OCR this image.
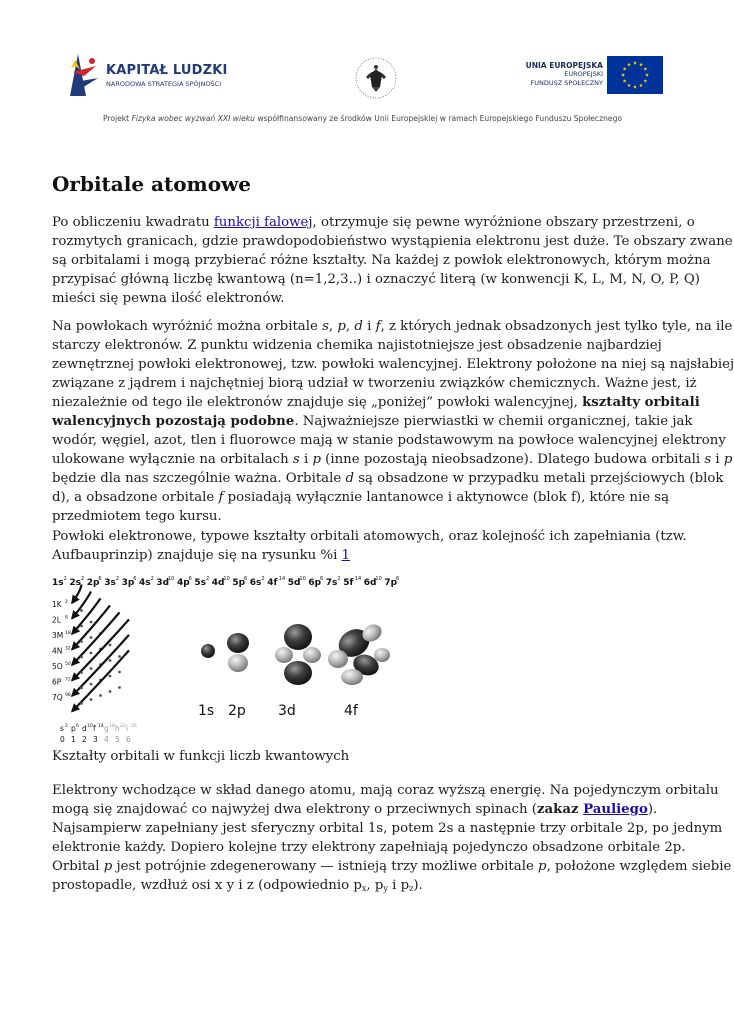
KAPITAŁ LUDZKI
NARODOWA STRATEGIA SPÓJNOŚCI
UNIA EUROPEJSKA
EUROPEJSKI
FUNDUSZ SPOŁECZNY
Projekt Fizyka wobec wyzwań XXI wieku współfinansowany ze środków Unii Europejskiej w ramach Europejskiego Funduszu Społecznego
Orbitale atomowe
Po obliczeniu kwadratu funkcji falowej, otrzymuje się pewne wyróżnione obszary przestrzeni, o
rozmytych granicach, gdzie prawdopodobieństwo wystąpienia elektronu jest duże. Te obszary zwane
są orbitalami i mogą przybierać różne kształty. Na każdej z powłok elektronowych, którym można
przypisać główną liczbę kwantową (n=1,2,3..) i oznaczyć literą (w konwencji K, L, M, N, O, P, Q)
mieści się pewna ilość elektronów.
Na powłokach wyróżnić można orbitale s, p, d i f, z których jednak obsadzonych jest tylko tyle, na ile
starczy elektronów. Z punktu widzenia chemika najistotniejsze jest obsadzenie najbardziej
zewnętrznej powłoki elektronowej, tzw. powłoki walencyjnej. Elektrony położone na niej są najsłabiej
związane z jądrem i najchętniej biorą udział w tworzeniu związków chemicznych. Ważne jest, iż
niezależnie od tego ile elektronów znajduje się „poniżej” powłoki walencyjnej, kształty orbitali
walencyjnych pozostają podobne. Najważniejsze pierwiastki w chemii organicznej, takie jak
wodór, węgiel, azot, tlen i fluorowce mają w stanie podstawowym na powłoce walencyjnej elektrony
ulokowane wyłącznie na orbitalach s i p (inne pozostają nieobsadzone). Dlatego budowa orbitali s i p
będzie dla nas szczególnie ważna. Orbitale d są obsadzone w przypadku metali przejściowych (blok
d), a obsadzone orbitale f posiadają wyłącznie lantanowce i aktynowce (blok f), które nie są
przedmiotem tego kursu.
Powłoki elektronowe, typowe kształty orbitali atomowych, oraz kolejność ich zapełniania (tzw.
Aufbauprinzip) znajduje się na rysunku %i 1
1s 2 2s 2 2p
6 3s 2 3p
6 4s 2 3d
10 4p
6 5s 2 4d
10 5p
6 6s 2 4f 14 5d
10 6p
6 7s 2 5f 14 6d
10 7p
6
1K 2
2L 8
3M 18
4N 32
5O 50
6P 72
7Q 98
s 2
0
p 6
1
d 10
2
f 14
3
g 18
4
h 22
5
i 26
6
1s 2p 3d	4f

Kształty orbitali w funkcji liczb kwantowych

Elektrony wchodzące w skład danego atomu, mają coraz wyższą energię. Na pojedynczym orbitalu
mogą się znajdować co najwyżej dwa elektrony o przeciwnych spinach (zakaz Pauliego).
Najsampierw zapełniany jest sferyczny orbital 1s, potem 2s a następnie trzy orbitale 2p, po jednym
elektronie każdy. Dopiero kolejne trzy elektrony zapełniają pojedynczo obsadzone orbitale 2p.
Orbital p jest potrójnie zdegenerowany — istnieją trzy możliwe orbitale p, położone względem siebie
prostopadle, wzdłuż osi x y i z (odpowiednio $p_x$, $p_y$ i $p_z$).
